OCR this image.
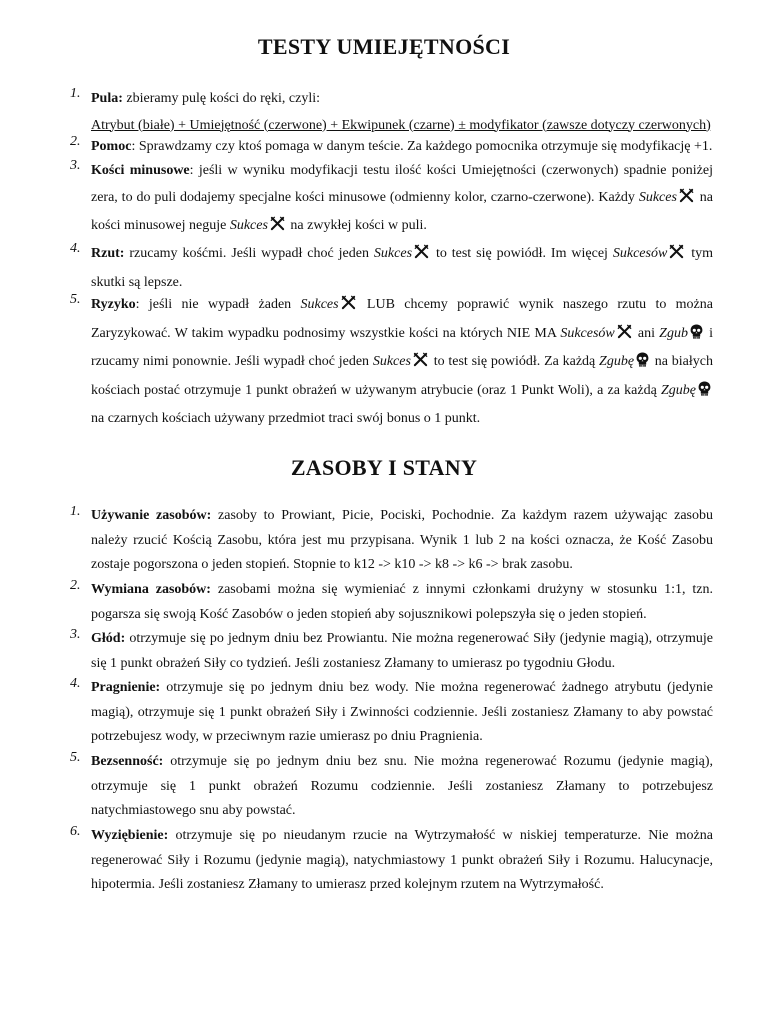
TESTY UMIEJĘTNOŚCI
1. Pula: zbieramy pulę kości do ręki, czyli:
Atrybut (białe) + Umiejętność (czerwone) + Ekwipunek (czarne) ± modyfikator (zawsze dotyczy czerwonych)
2. Pomoc: Sprawdzamy czy ktoś pomaga w danym teście. Za każdego pomocnika otrzymuje się modyfikację +1.
3. Kości minusowe: jeśli w wyniku modyfikacji testu ilość kości Umiejętności (czerwonych) spadnie poniżej zera, to do puli dodajemy specjalne kości minusowe (odmienny kolor, czarno-czerwone). Każdy Sukces na kości minusowej neguje Sukces na zwykłej kości w puli.
4. Rzut: rzucamy kośćmi. Jeśli wypadł choć jeden Sukces to test się powiódł. Im więcej Sukcesów tym skutki są lepsze.
5. Ryzyko: jeśli nie wypadł żaden Sukces LUB chcemy poprawić wynik naszego rzutu to można Zaryzykować. W takim wypadku podnosimy wszystkie kości na których NIE MA Sukcesów ani Zgub i rzucamy nimi ponownie. Jeśli wypadł choć jeden Sukces to test się powiódł. Za każdą Zgubę na białych kościach postać otrzymuje 1 punkt obrażeń w używanym atrybucie (oraz 1 Punkt Woli), a za każdą Zgubę na czarnych kościach używany przedmiot traci swój bonus o 1 punkt.
ZASOBY I STANY
1. Używanie zasobów: zasoby to Prowiant, Picie, Pociski, Pochodnie. Za każdym razem używając zasobu należy rzucić Kością Zasobu, która jest mu przypisana. Wynik 1 lub 2 na kości oznacza, że Kość Zasobu zostaje pogorszona o jeden stopień. Stopnie to k12 -> k10 -> k8 -> k6 -> brak zasobu.
2. Wymiana zasobów: zasobami można się wymieniać z innymi członkami drużyny w stosunku 1:1, tzn. pogarsza się swoją Kość Zasobów o jeden stopień aby sojusznikowi polepszyła się o jeden stopień.
3. Głód: otrzymuje się po jednym dniu bez Prowiantu. Nie można regenerować Siły (jedynie magią), otrzymuje się 1 punkt obrażeń Siły co tydzień. Jeśli zostaniesz Złamany to umierasz po tygodniu Głodu.
4. Pragnienie: otrzymuje się po jednym dniu bez wody. Nie można regenerować żadnego atrybutu (jedynie magią), otrzymuje się 1 punkt obrażeń Siły i Zwinności codziennie. Jeśli zostaniesz Złamany to aby powstać potrzebujesz wody, w przeciwnym razie umierasz po dniu Pragnienia.
5. Bezsenność: otrzymuje się po jednym dniu bez snu. Nie można regenerować Rozumu (jedynie magią), otrzymuje się 1 punkt obrażeń Rozumu codziennie. Jeśli zostaniesz Złamany to potrzebujesz natychmiastowego snu aby powstać.
6. Wyziębienie: otrzymuje się po nieudanym rzucie na Wytrzymałość w niskiej temperaturze. Nie można regenerować Siły i Rozumu (jedynie magią), natychmiastowy 1 punkt obrażeń Siły i Rozumu. Halucynacje, hipotermia. Jeśli zostaniesz Złamany to umierasz przed kolejnym rzutem na Wytrzymałość.
